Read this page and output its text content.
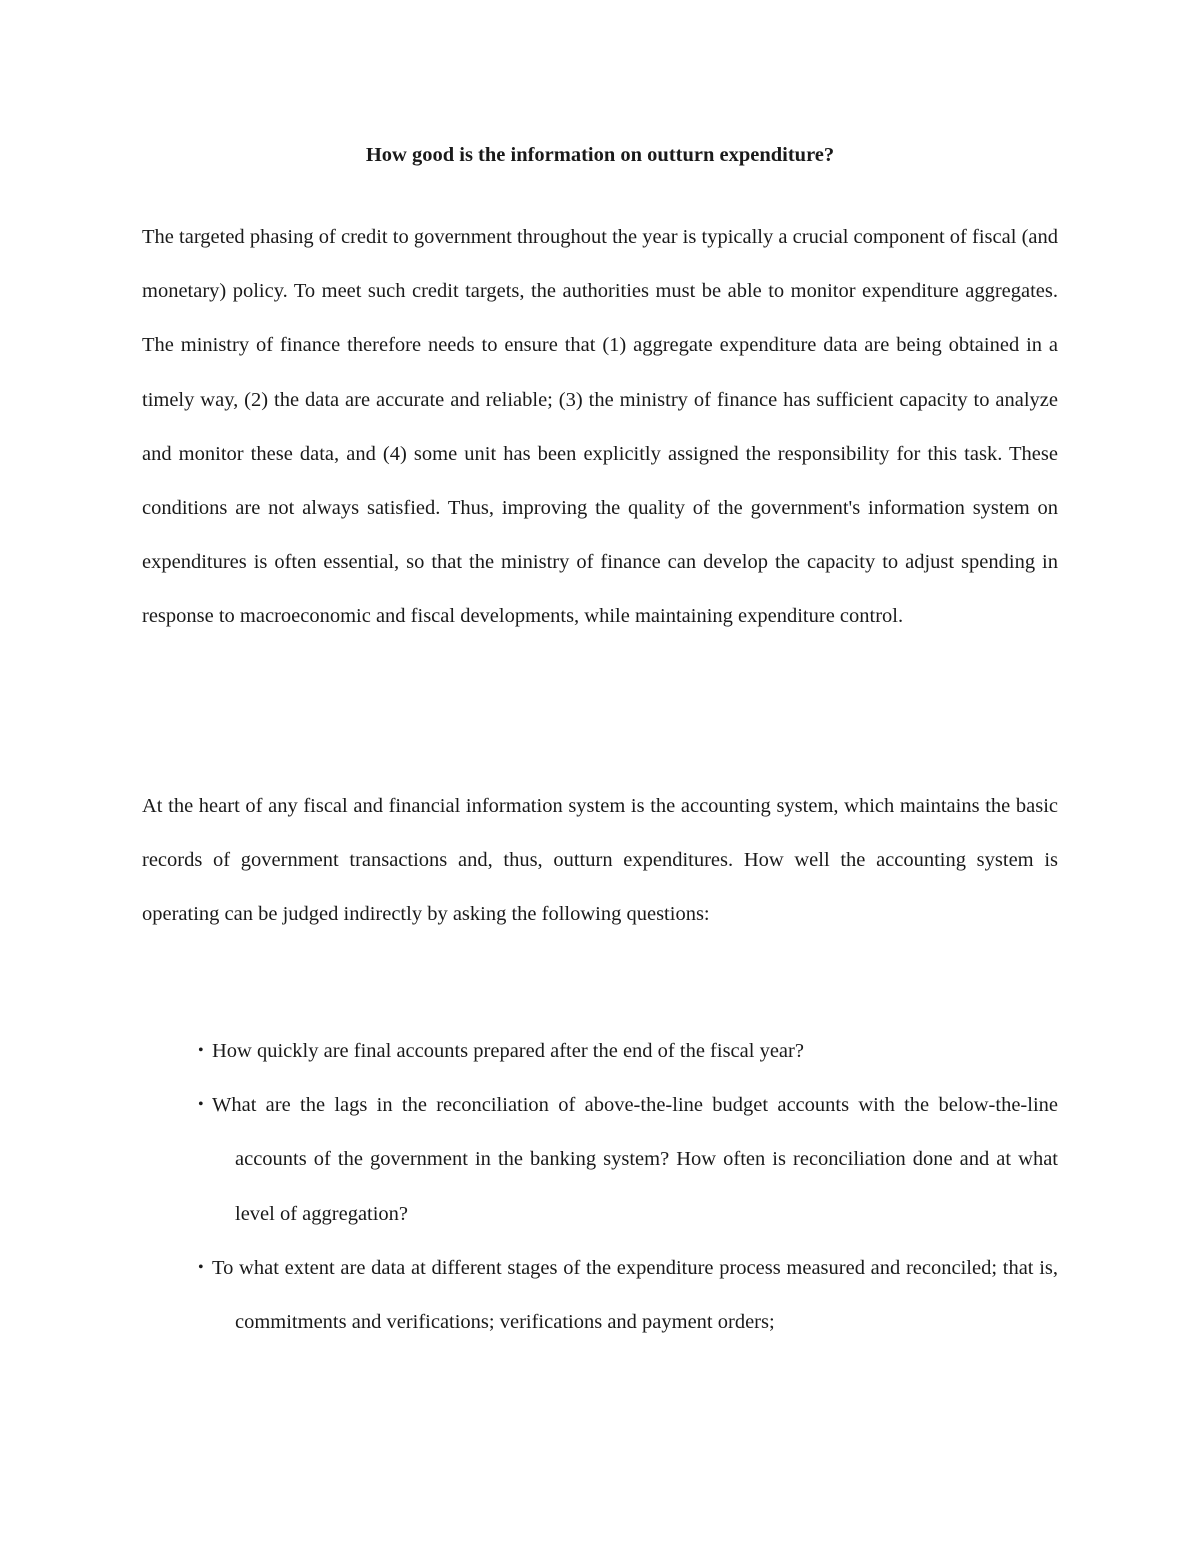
How good is the information on outturn expenditure?

The targeted phasing of credit to government throughout the year is typically a crucial component of fiscal (and monetary) policy. To meet such credit targets, the authorities must be able to monitor expenditure aggregates. The ministry of finance therefore needs to ensure that (1) aggregate expenditure data are being obtained in a timely way, (2) the data are accurate and reliable; (3) the ministry of finance has sufficient capacity to analyze and monitor these data, and (4) some unit has been explicitly assigned the responsibility for this task. These conditions are not always satisfied. Thus, improving the quality of the government's information system on expenditures is often essential, so that the ministry of finance can develop the capacity to adjust spending in response to macroeconomic and fiscal developments, while maintaining expenditure control.

At the heart of any fiscal and financial information system is the accounting system, which maintains the basic records of government transactions and, thus, outturn expenditures. How well the accounting system is operating can be judged indirectly by asking the following questions:

• How quickly are final accounts prepared after the end of the fiscal year?
• What are the lags in the reconciliation of above-the-line budget accounts with the below-the-line accounts of the government in the banking system? How often is reconciliation done and at what level of aggregation?
• To what extent are data at different stages of the expenditure process measured and reconciled; that is, commitments and verifications; verifications and payment orders;
